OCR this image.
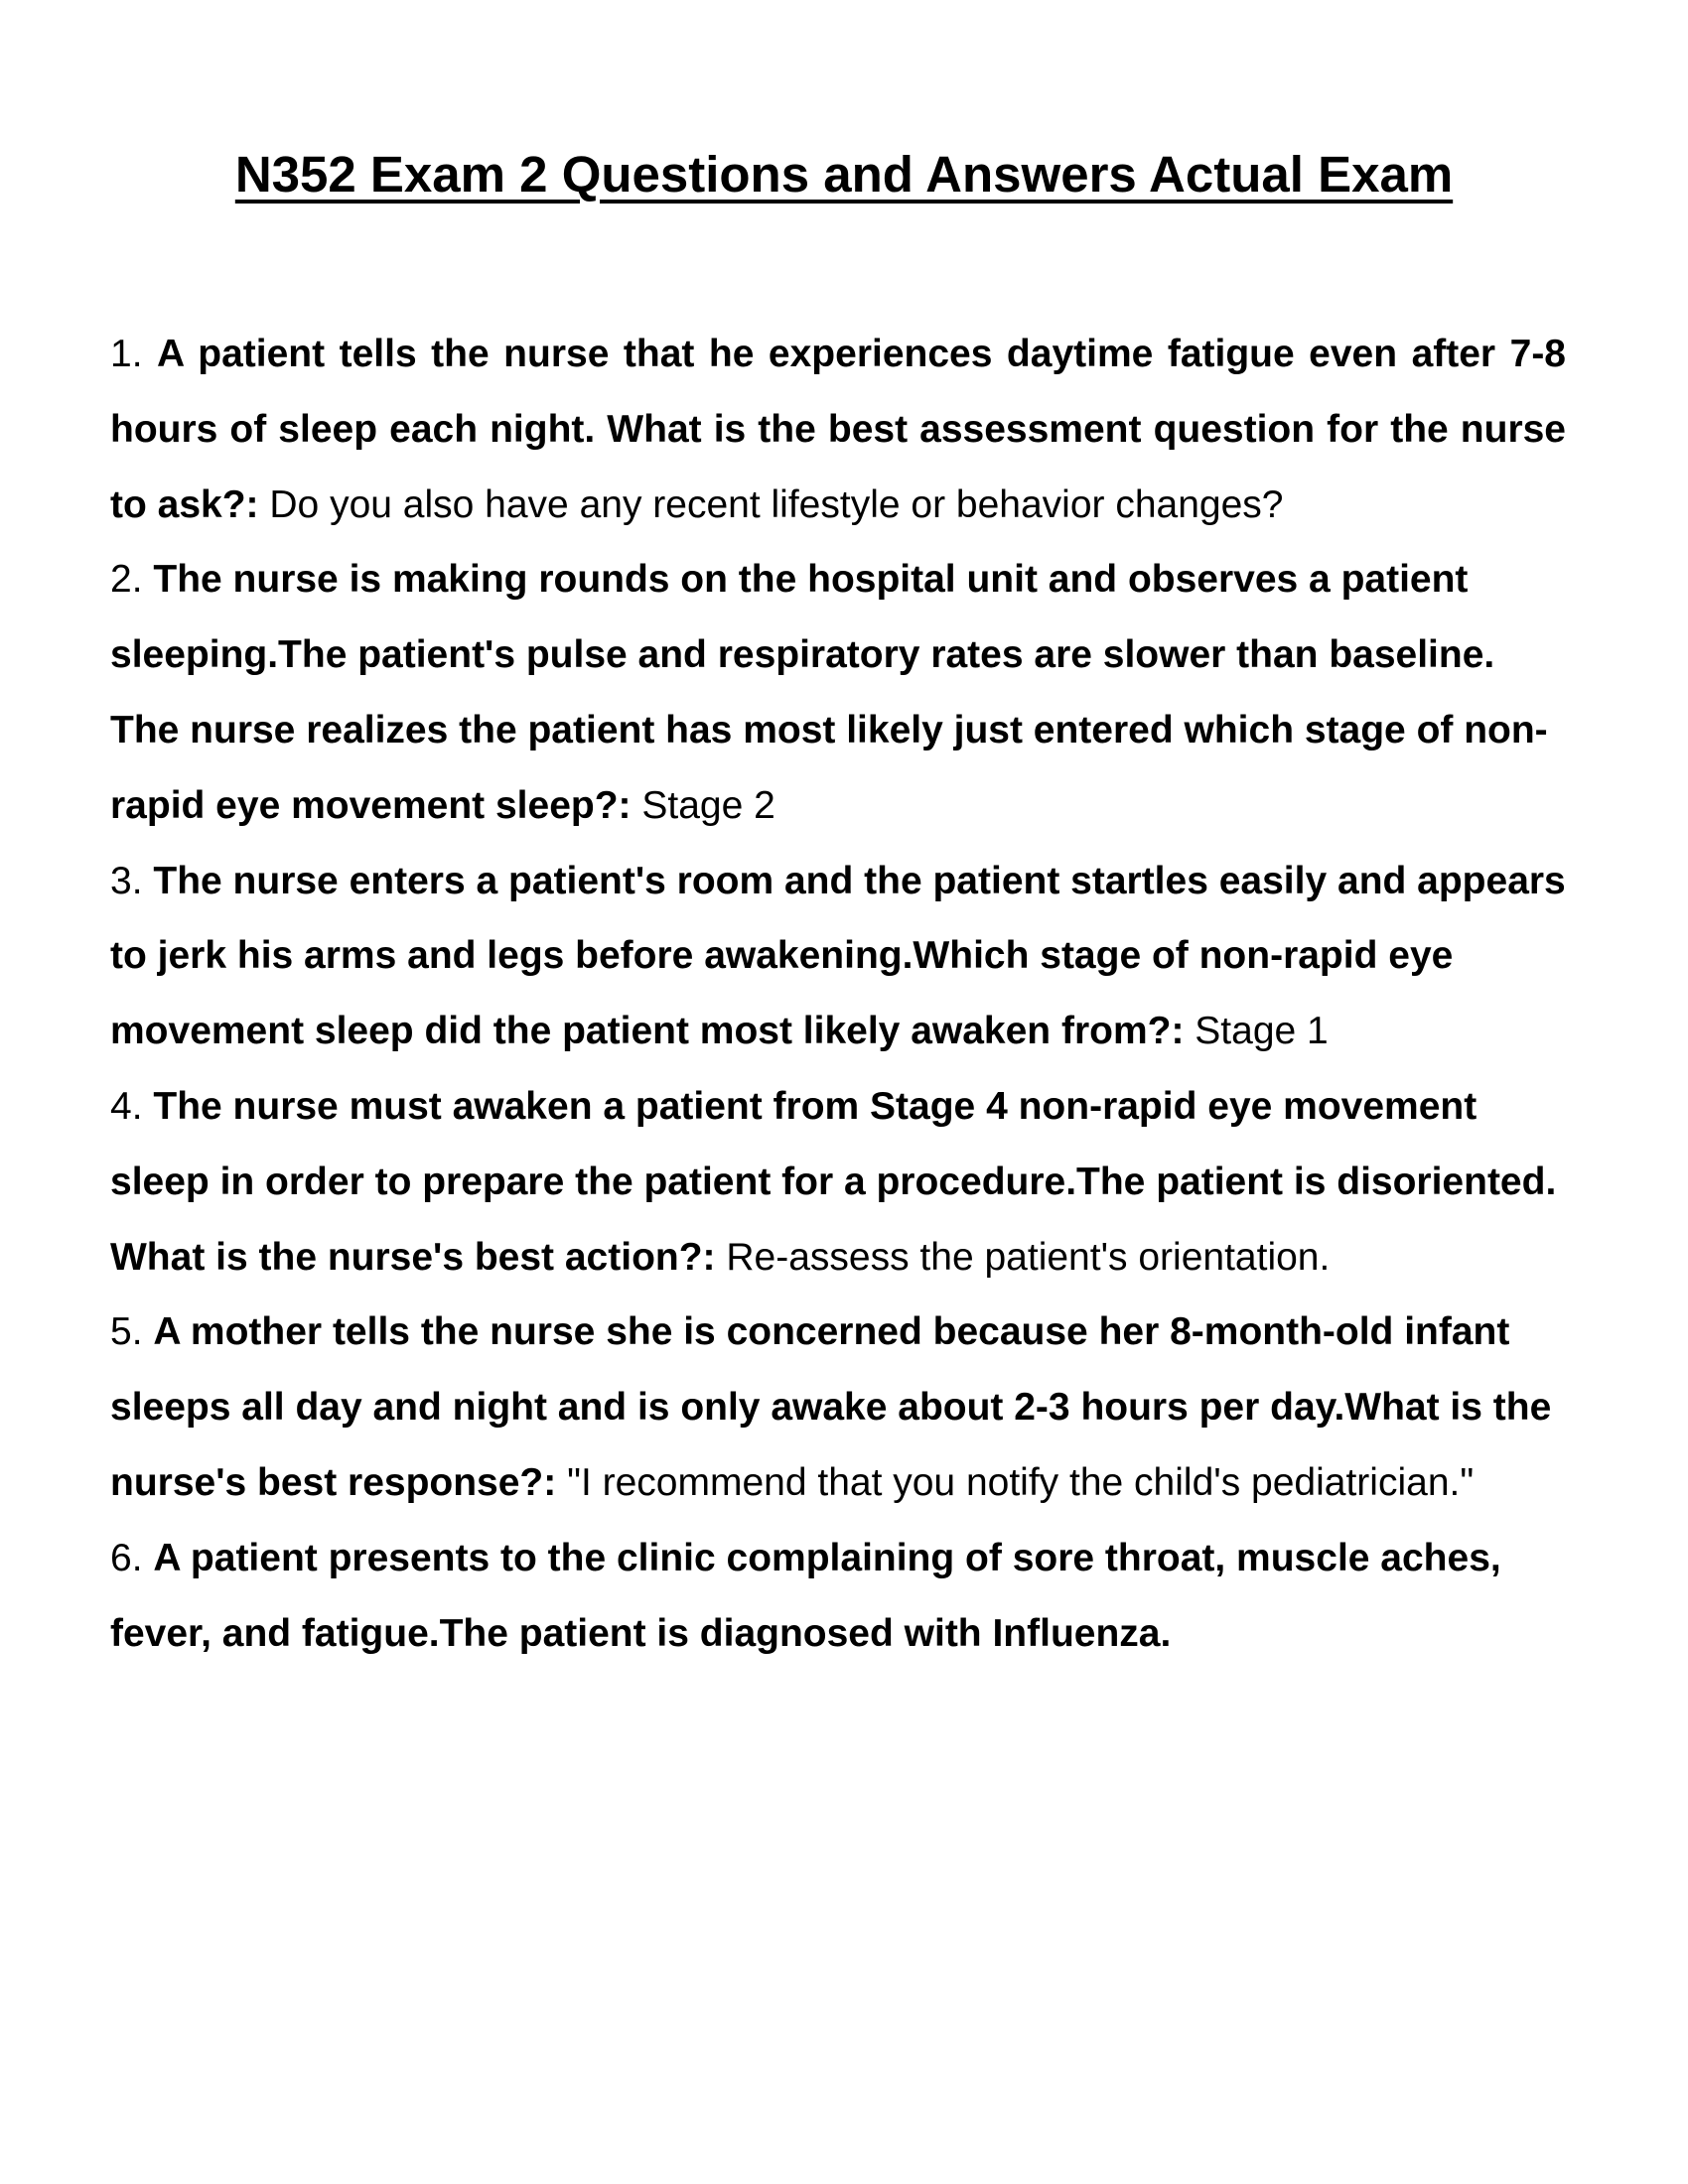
N352 Exam 2 Questions and Answers Actual Exam

1. A patient tells the nurse that he experiences daytime fatigue even after 7-8 hours of sleep each night. What is the best assessment question for the nurse to ask?: Do you also have any recent lifestyle or behavior changes?

2. The nurse is making rounds on the hospital unit and observes a patient sleeping.The patient's pulse and respiratory rates are slower than baseline. The nurse realizes the patient has most likely just entered which stage of non-rapid eye movement sleep?: Stage 2

3. The nurse enters a patient's room and the patient startles easily and appears to jerk his arms and legs before awakening.Which stage of non-rapid eye movement sleep did the patient most likely awaken from?: Stage 1

4. The nurse must awaken a patient from Stage 4 non-rapid eye movement sleep in order to prepare the patient for a procedure.The patient is disoriented. What is the nurse's best action?: Re-assess the patient's orientation.

5. A mother tells the nurse she is concerned because her 8-month-old infant sleeps all day and night and is only awake about 2-3 hours per day.What is the nurse's best response?: "I recommend that you notify the child's pediatrician."

6. A patient presents to the clinic complaining of sore throat, muscle aches, fever, and fatigue.The patient is diagnosed with Influenza.
